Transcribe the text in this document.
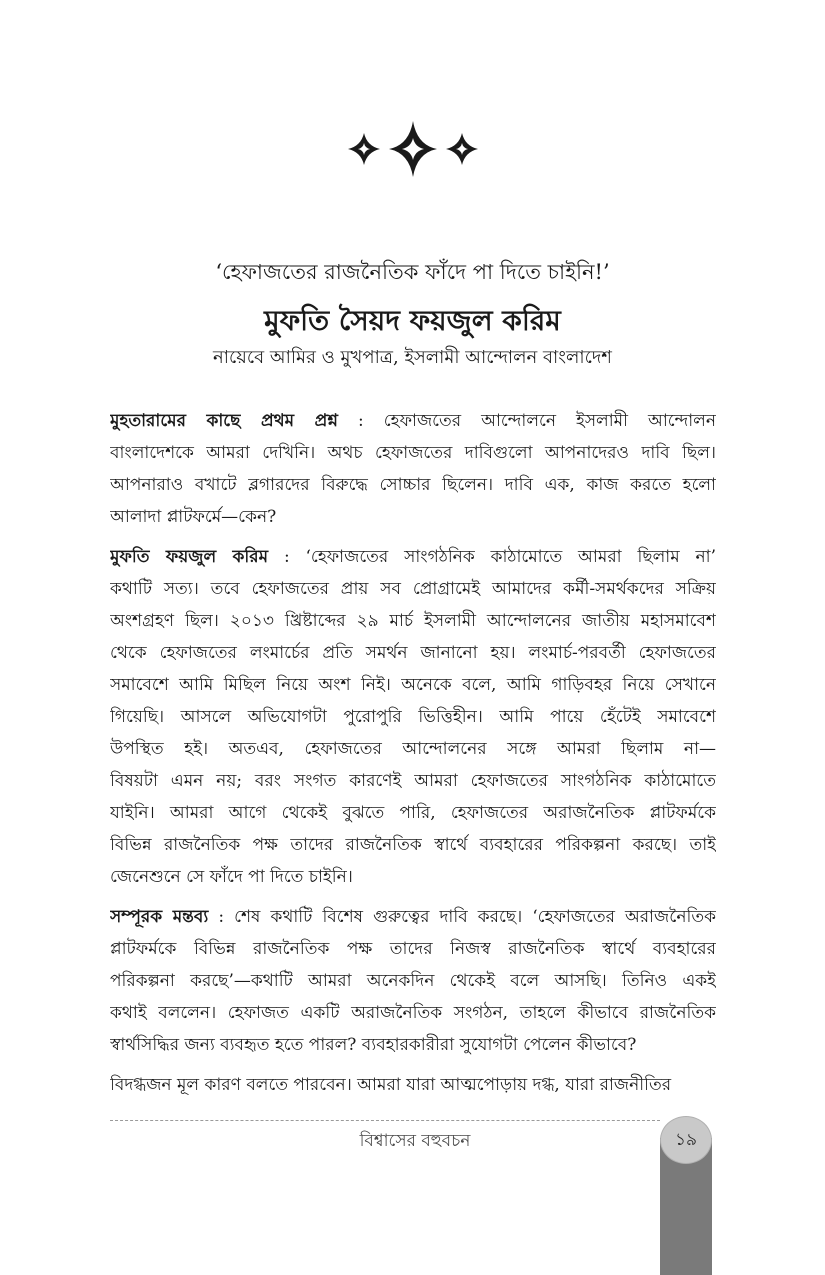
‘হেফাজতের রাজনৈতিক ফাঁদে পা দিতে চাইনি!’
মুফতি সৈয়দ ফয়জুল করিম
নায়েবে আমির ও মুখপাত্র, ইসলামী আন্দোলন বাংলাদেশ
মুহতারামের কাছে প্রথম প্রশ্ন : হেফাজতের আন্দোলনে ইসলামী আন্দোলন
বাংলাদেশকে আমরা দেখিনি। অথচ হেফাজতের দাবিগুলো আপনাদেরও দাবি ছিল।
আপনারাও বখাটে ব্লগারদের বিরুদ্ধে সোচ্চার ছিলেন। দাবি এক, কাজ করতে হলো
আলাদা প্লাটফর্মে—কেন?
মুফতি ফয়জুল করিম : ‘হেফাজতের সাংগঠনিক কাঠামোতে আমরা ছিলাম না’
কথাটি সত্য। তবে হেফাজতের প্রায় সব প্রোগ্রামেই আমাদের কর্মী-সমর্থকদের সক্রিয়
অংশগ্রহণ ছিল। ২০১৩ খ্রিষ্টাব্দের ২৯ মার্চ ইসলামী আন্দোলনের জাতীয় মহাসমাবেশ
থেকে হেফাজতের লংমার্চের প্রতি সমর্থন জানানো হয়। লংমার্চ-পরবর্তী হেফাজতের
সমাবেশে আমি মিছিল নিয়ে অংশ নিই। অনেকে বলে, আমি গাড়িবহর নিয়ে সেখানে
গিয়েছি। আসলে অভিযোগটা পুরোপুরি ভিত্তিহীন। আমি পায়ে হেঁটেই সমাবেশে
উপস্থিত হই। অতএব, হেফাজতের আন্দোলনের সঙ্গে আমরা ছিলাম না—
বিষয়টা এমন নয়; বরং সংগত কারণেই আমরা হেফাজতের সাংগঠনিক কাঠামোতে
যাইনি। আমরা আগে থেকেই বুঝতে পারি, হেফাজতের অরাজনৈতিক প্লাটফর্মকে
বিভিন্ন রাজনৈতিক পক্ষ তাদের রাজনৈতিক স্বার্থে ব্যবহারের পরিকল্পনা করছে। তাই
জেনেশুনে সে ফাঁদে পা দিতে চাইনি।
সম্পূরক মন্তব্য : শেষ কথাটি বিশেষ গুরুত্বের দাবি করছে। ‘হেফাজতের অরাজনৈতিক
প্লাটফর্মকে বিভিন্ন রাজনৈতিক পক্ষ তাদের নিজস্ব রাজনৈতিক স্বার্থে ব্যবহারের
পরিকল্পনা করছে’—কথাটি আমরা অনেকদিন থেকেই বলে আসছি। তিনিও একই
কথাই বললেন। হেফাজত একটি অরাজনৈতিক সংগঠন, তাহলে কীভাবে রাজনৈতিক
স্বার্থসিদ্ধির জন্য ব্যবহৃত হতে পারল? ব্যবহারকারীরা সুযোগটা পেলেন কীভাবে?
বিদগ্ধজন মূল কারণ বলতে পারবেন। আমরা যারা আত্মপোড়ায় দগ্ধ, যারা রাজনীতির
বিশ্বাসের বহুবচন	১৯
